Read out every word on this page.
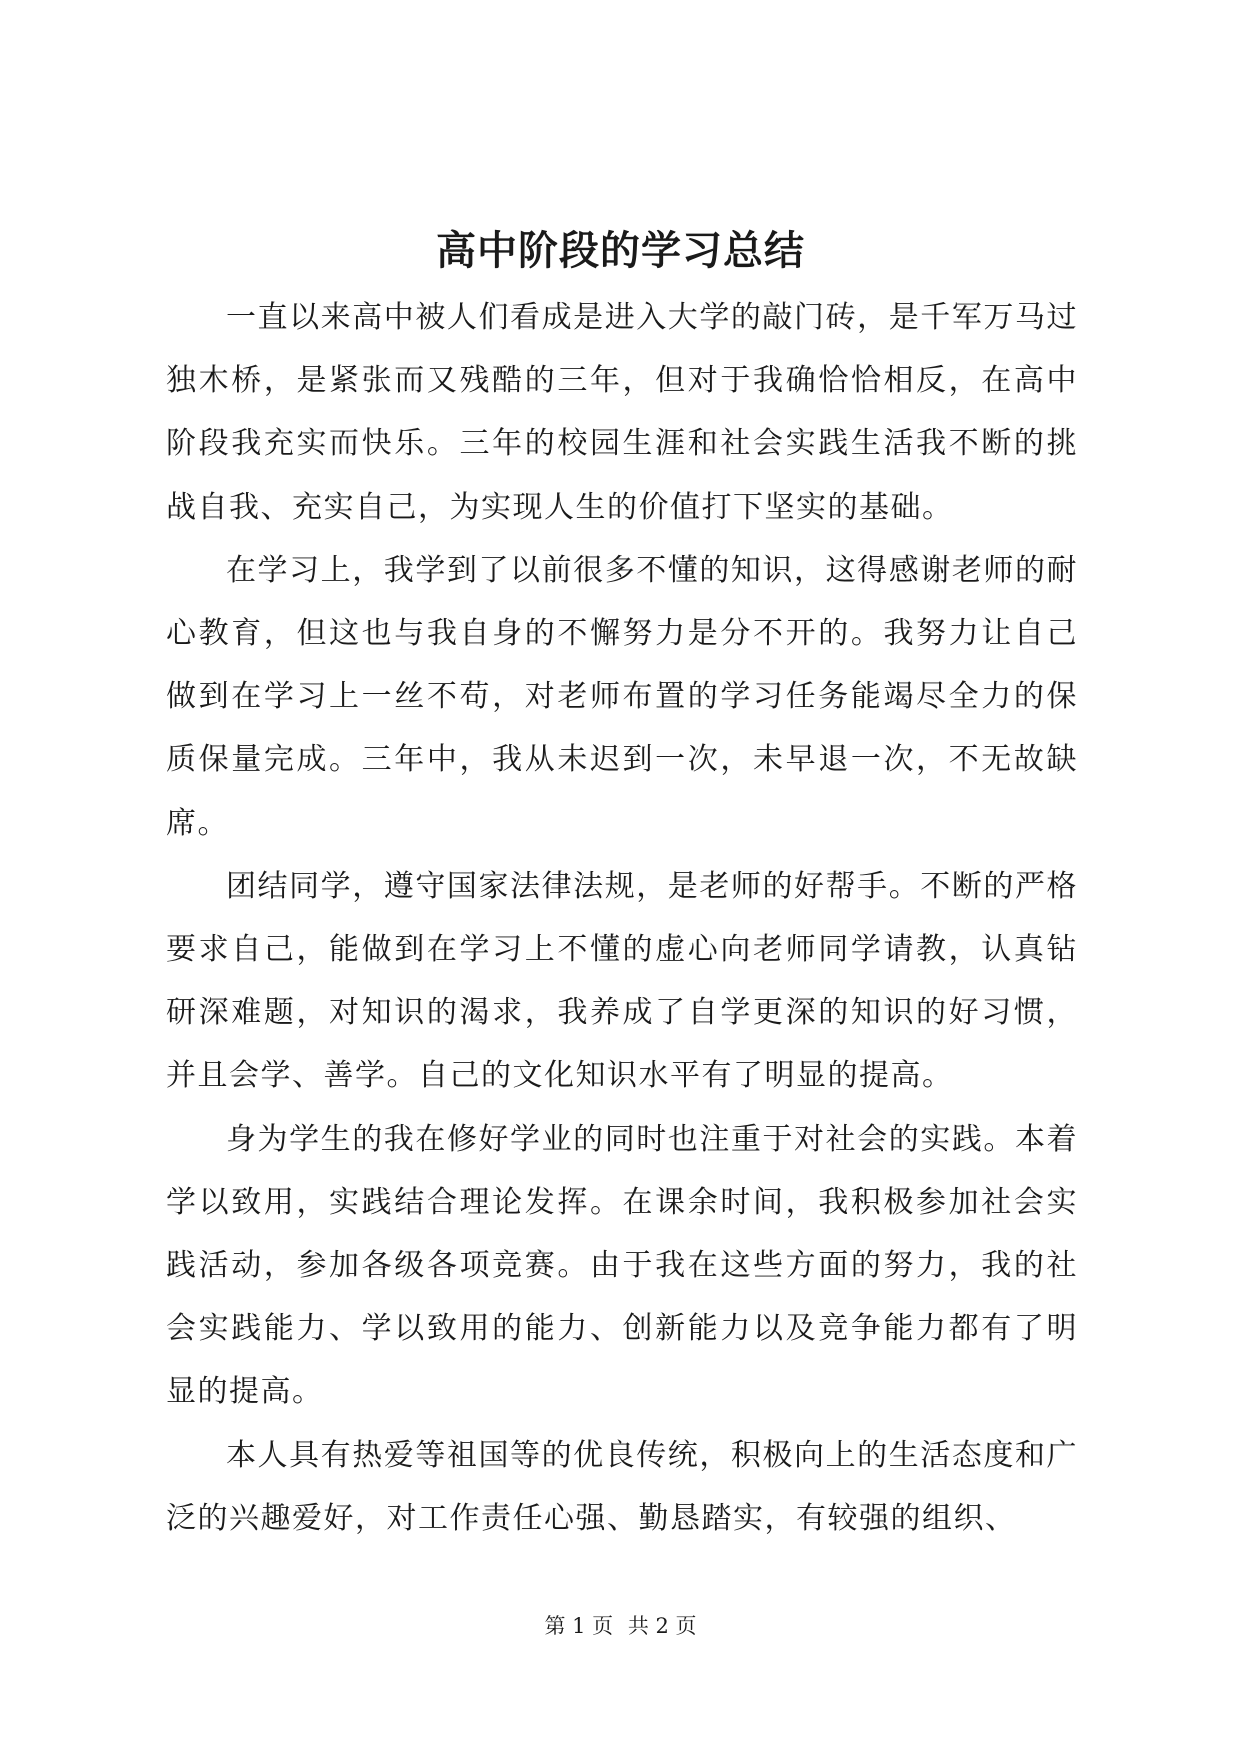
高中阶段的学习总结

一直以来高中被人们看成是进入大学的敲门砖，是千军万马过独木桥，是紧张而又残酷的三年，但对于我确恰恰相反，在高中阶段我充实而快乐。三年的校园生涯和社会实践生活我不断的挑战自我、充实自己，为实现人生的价值打下坚实的基础。

在学习上，我学到了以前很多不懂的知识，这得感谢老师的耐心教育，但这也与我自身的不懈努力是分不开的。我努力让自己做到在学习上一丝不苟，对老师布置的学习任务能竭尽全力的保质保量完成。三年中，我从未迟到一次，未早退一次，不无故缺席。

团结同学，遵守国家法律法规，是老师的好帮手。不断的严格要求自己，能做到在学习上不懂的虚心向老师同学请教，认真钻研深难题，对知识的渴求，我养成了自学更深的知识的好习惯，并且会学、善学。自己的文化知识水平有了明显的提高。

身为学生的我在修好学业的同时也注重于对社会的实践。本着学以致用，实践结合理论发挥。在课余时间，我积极参加社会实践活动，参加各级各项竞赛。由于我在这些方面的努力，我的社会实践能力、学以致用的能力、创新能力以及竞争能力都有了明显的提高。

本人具有热爱等祖国等的优良传统，积极向上的生活态度和广泛的兴趣爱好，对工作责任心强、勤恳踏实，有较强的组织、

第 1 页 共 2 页
